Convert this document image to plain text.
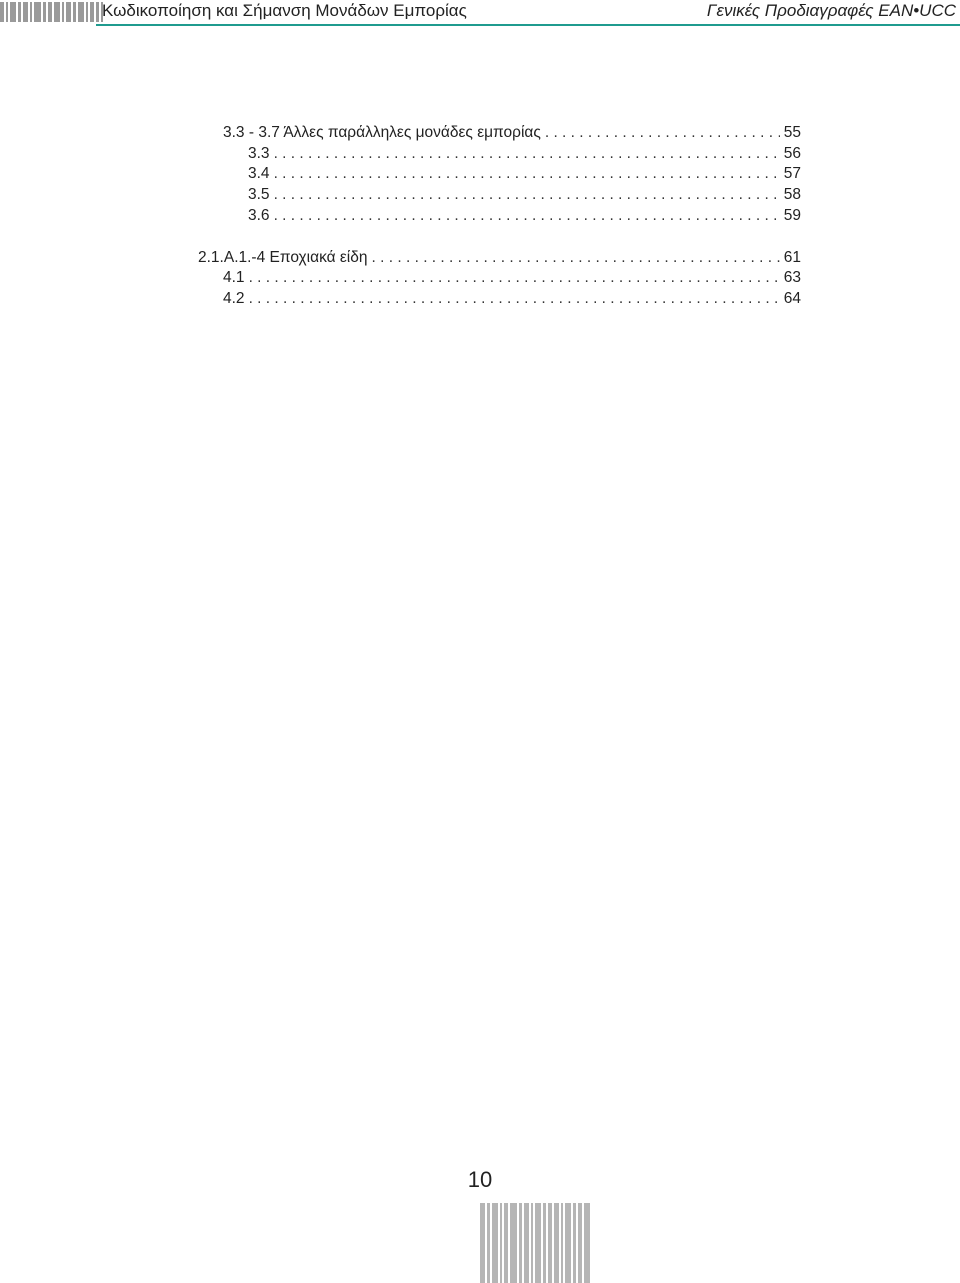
Κωδικοποίηση και Σήμανση Μονάδων Εμπορίας	Γενικές Προδιαγραφές EAN•UCC
3.3 - 3.7 Άλλες παράλληλες μονάδες εμπορίας . . .	55
3.3 . . .	56
3.4 . . .	57
3.5 . . .	58
3.6 . . .	59
2.1.Α.1.-4 Εποχιακά είδη . . .	61
4.1 . . .	63
4.2 . . .	64
10
